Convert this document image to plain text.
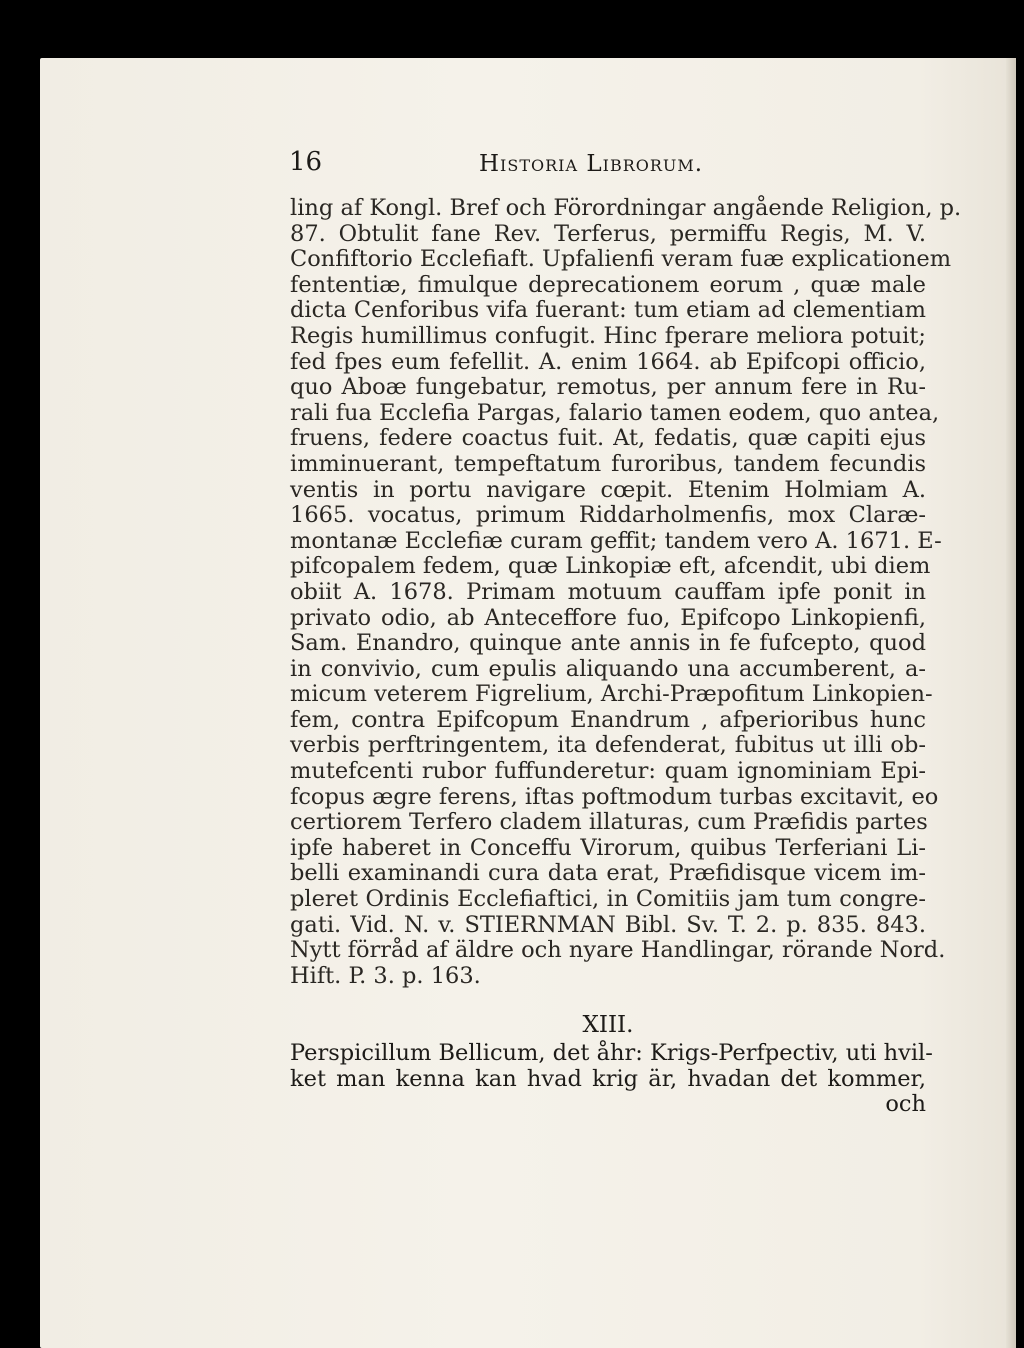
16	Historia Librorum.
ling af Kongl. Bref och Förordningar angående Religion, p.
87. Obtulit fane Rev. Terferus, permiffu Regis, M. V.
Confiftorio Ecclefiaft. Upfalienfi veram fuæ explicationem
fententiæ, fimulque deprecationem eorum , quæ male
dicta Cenforibus vifa fuerant: tum etiam ad clementiam
Regis humillimus confugit. Hinc fperare meliora potuit;
fed fpes eum fefellit. A. enim 1664. ab Epifcopi officio,
quo Aboæ fungebatur, remotus, per annum fere in Ru-
rali fua Ecclefia Pargas, falario tamen eodem, quo antea,
fruens, federe coactus fuit. At, fedatis, quæ capiti ejus
imminuerant, tempeftatum furoribus, tandem fecundis
ventis in portu navigare cœpit. Etenim Holmiam A.
1665. vocatus, primum Riddarholmenfis, mox Claræ-
montanæ Ecclefiæ curam geffit; tandem vero A. 1671. E-
pifcopalem fedem, quæ Linkopiæ eft, afcendit, ubi diem
obiit A. 1678. Primam motuum cauffam ipfe ponit in
privato odio, ab Anteceffore fuo, Epifcopo Linkopienfi,
Sam. Enandro, quinque ante annis in fe fufcepto, quod
in convivio, cum epulis aliquando una accumberent, a-
micum veterem Figrelium, Archi-Præpofitum Linkopien-
fem, contra Epifcopum Enandrum , afperioribus hunc
verbis perftringentem, ita defenderat, fubitus ut illi ob-
mutefcenti rubor fuffunderetur: quam ignominiam Epi-
fcopus ægre ferens, iftas poftmodum turbas excitavit, eo
certiorem Terfero cladem illaturas, cum Præfidis partes
ipfe haberet in Conceffu Virorum, quibus Terferiani Li-
belli examinandi cura data erat, Præfidisque vicem im-
pleret Ordinis Ecclefiaftici, in Comitiis jam tum congre-
gati. Vid. N. v. STIERNMAN Bibl. Sv. T. 2. p. 835. 843.
Nytt förråd af äldre och nyare Handlingar, rörande Nord.
Hift. P. 3. p. 163.
XIII.
Perspicillum Bellicum, det åhr: Krigs-Perfpectiv, uti hvil-
ket man kenna kan hvad krig är, hvadan det kommer,
och
